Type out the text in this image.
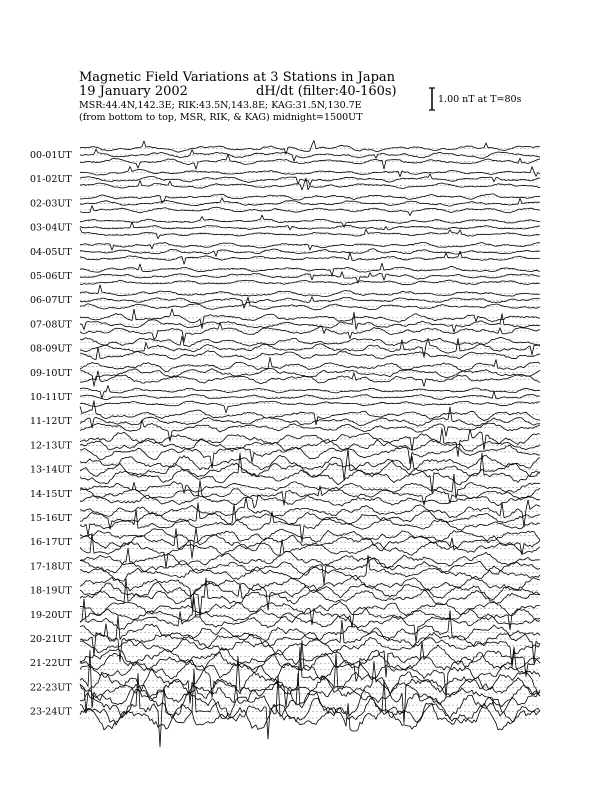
Magnetic Field Variations at 3 Stations in Japan
19 January 2002	dH/dt (filter:40-160s)
MSR:44.4N,142.3E; RIK:43.5N,143.8E; KAG:31.5N,130.7E
(from bottom to top, MSR, RIK, & KAG) midnight=1500UT
1.00 nT at T=80s
00-01UT
01-02UT
02-03UT
03-04UT
04-05UT
05-06UT
06-07UT
07-08UT
08-09UT
09-10UT
10-11UT
11-12UT
12-13UT
13-14UT
14-15UT
15-16UT
16-17UT
17-18UT
18-19UT
19-20UT
20-21UT
21-22UT
22-23UT
23-24UT
